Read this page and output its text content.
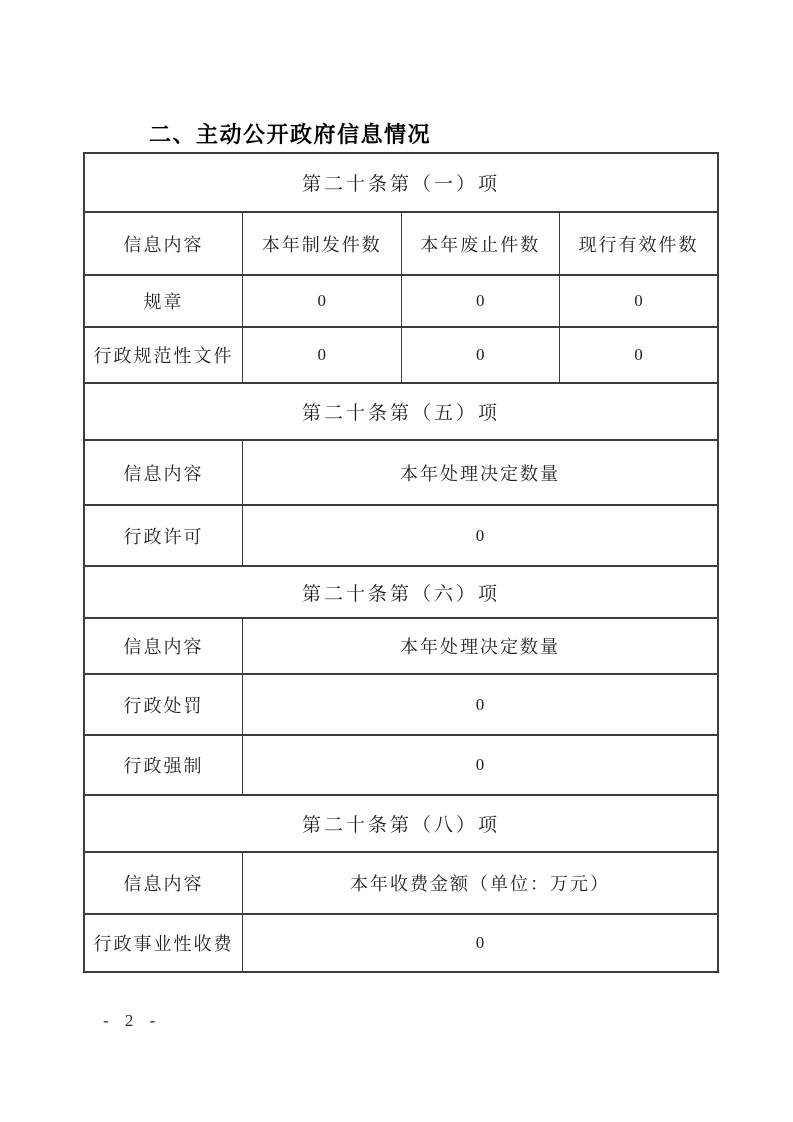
二、主动公开政府信息情况
第二十条第（一）项			
信息内容	本年制发件数	本年废止件数	现行有效件数
规章	0	0	0
行政规范性文件	0	0	0
第二十条第（五）项			
信息内容	本年处理决定数量		
行政许可	0		
第二十条第（六）项			
信息内容	本年处理决定数量		
行政处罚	0		
行政强制	0		
第二十条第（八）项			
信息内容	本年收费金额（单位：万元）		
行政事业性收费	0		
- 2 -
